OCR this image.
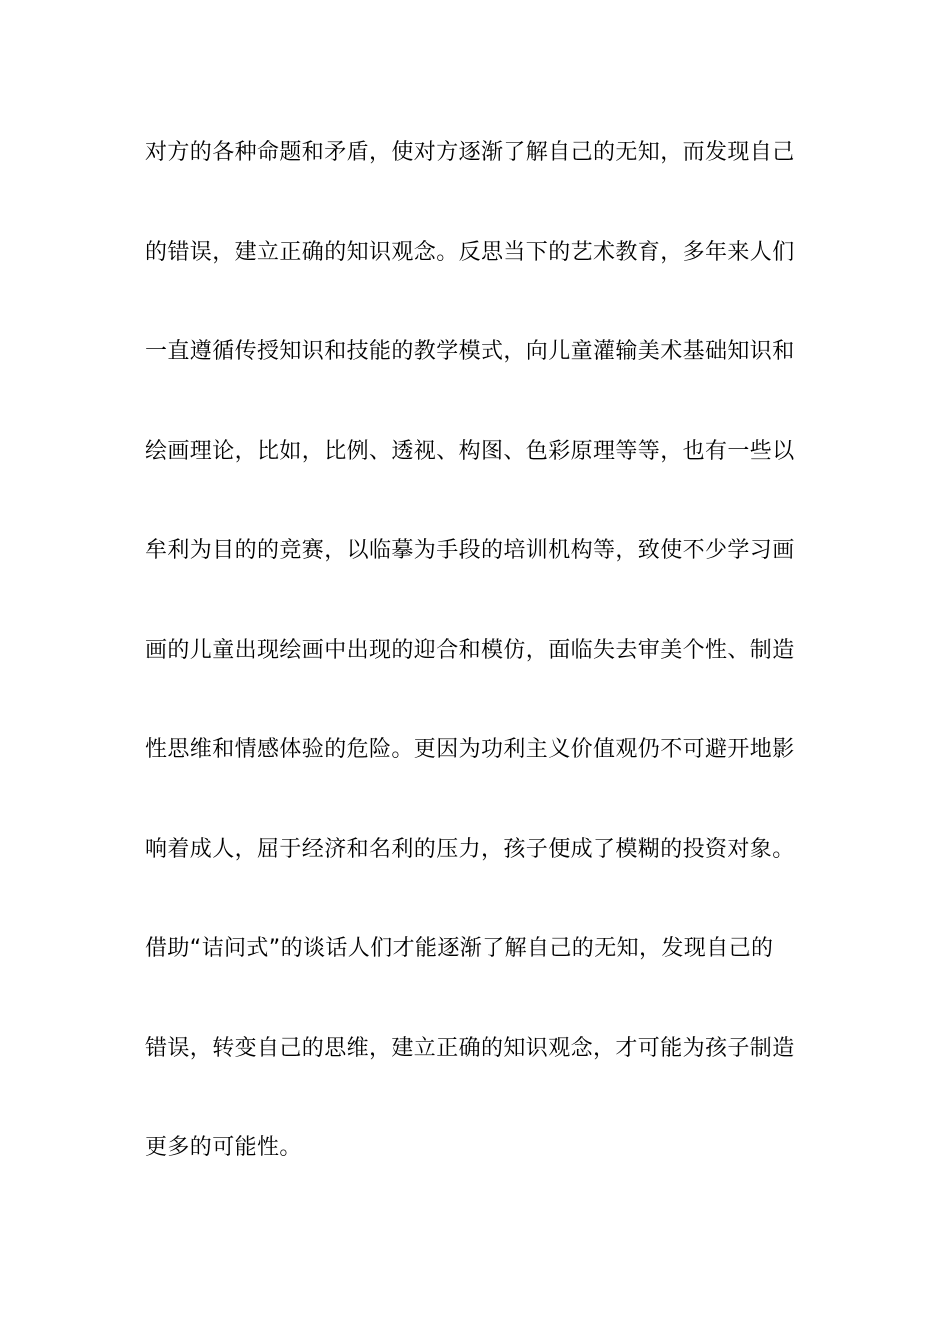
对方的各种命题和矛盾，使对方逐渐了解自己的无知，而发现自己
的错误，建立正确的知识观念。反思当下的艺术教育，多年来人们
一直遵循传授知识和技能的教学模式，向儿童灌输美术基础知识和
绘画理论，比如，比例、透视、构图、色彩原理等等，也有一些以
牟利为目的的竞赛，以临摹为手段的培训机构等，致使不少学习画
画的儿童出现绘画中出现的迎合和模仿，面临失去审美个性、制造
性思维和情感体验的危险。更因为功利主义价值观仍不可避开地影
响着成人，屈于经济和名利的压力，孩子便成了模糊的投资对象。
借助“诘问式”的谈话人们才能逐渐了解自己的无知，发现自己的
错误，转变自己的思维，建立正确的知识观念，才可能为孩子制造
更多的可能性。
